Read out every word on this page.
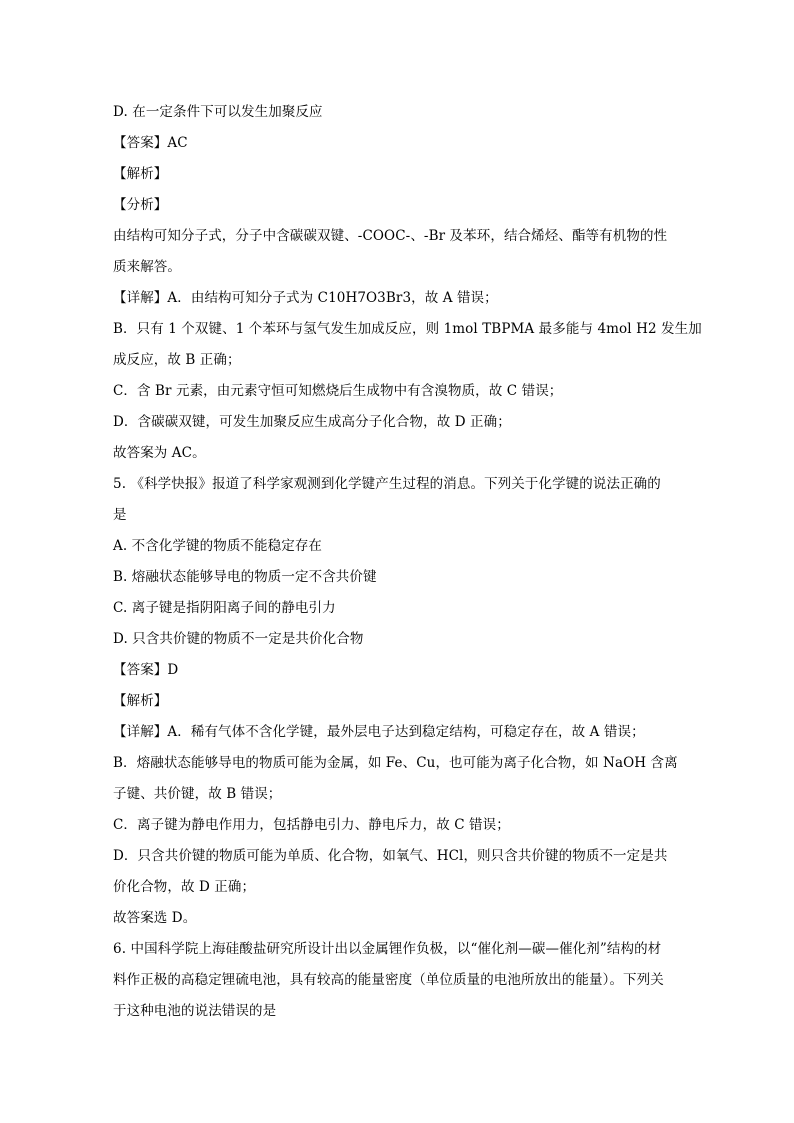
D. 在一定条件下可以发生加聚反应
【答案】AC
【解析】
【分析】
由结构可知分子式，分子中含碳碳双键、-COOC-、-Br 及苯环，结合烯烃、酯等有机物的性
质来解答。
【详解】A．由结构可知分子式为 C10H7O3Br3，故 A 错误；
B．只有 1 个双键、1 个苯环与氢气发生加成反应，则 1mol TBPMA 最多能与 4mol H2 发生加
成反应，故 B 正确；
C．含 Br 元素，由元素守恒可知燃烧后生成物中有含溴物质，故 C 错误；
D．含碳碳双键，可发生加聚反应生成高分子化合物，故 D 正确；
故答案为 AC。
5. 《科学快报》报道了科学家观测到化学键产生过程的消息。下列关于化学键的说法正确的
是
A. 不含化学键的物质不能稳定存在
B. 熔融状态能够导电的物质一定不含共价键
C. 离子键是指阴阳离子间的静电引力
D. 只含共价键的物质不一定是共价化合物
【答案】D
【解析】
【详解】A．稀有气体不含化学键，最外层电子达到稳定结构，可稳定存在，故 A 错误；
B．熔融状态能够导电的物质可能为金属，如 Fe、Cu，也可能为离子化合物，如 NaOH 含离
子键、共价键，故 B 错误；
C．离子键为静电作用力，包括静电引力、静电斥力，故 C 错误；
D．只含共价键的物质可能为单质、化合物，如氧气、HCl，则只含共价键的物质不一定是共
价化合物，故 D 正确；
故答案选 D。
6. 中国科学院上海硅酸盐研究所设计出以金属锂作负极，以“催化剂—碳—催化剂”结构的材
料作正极的高稳定锂硫电池，具有较高的能量密度（单位质量的电池所放出的能量）。下列关
于这种电池的说法错误的是
